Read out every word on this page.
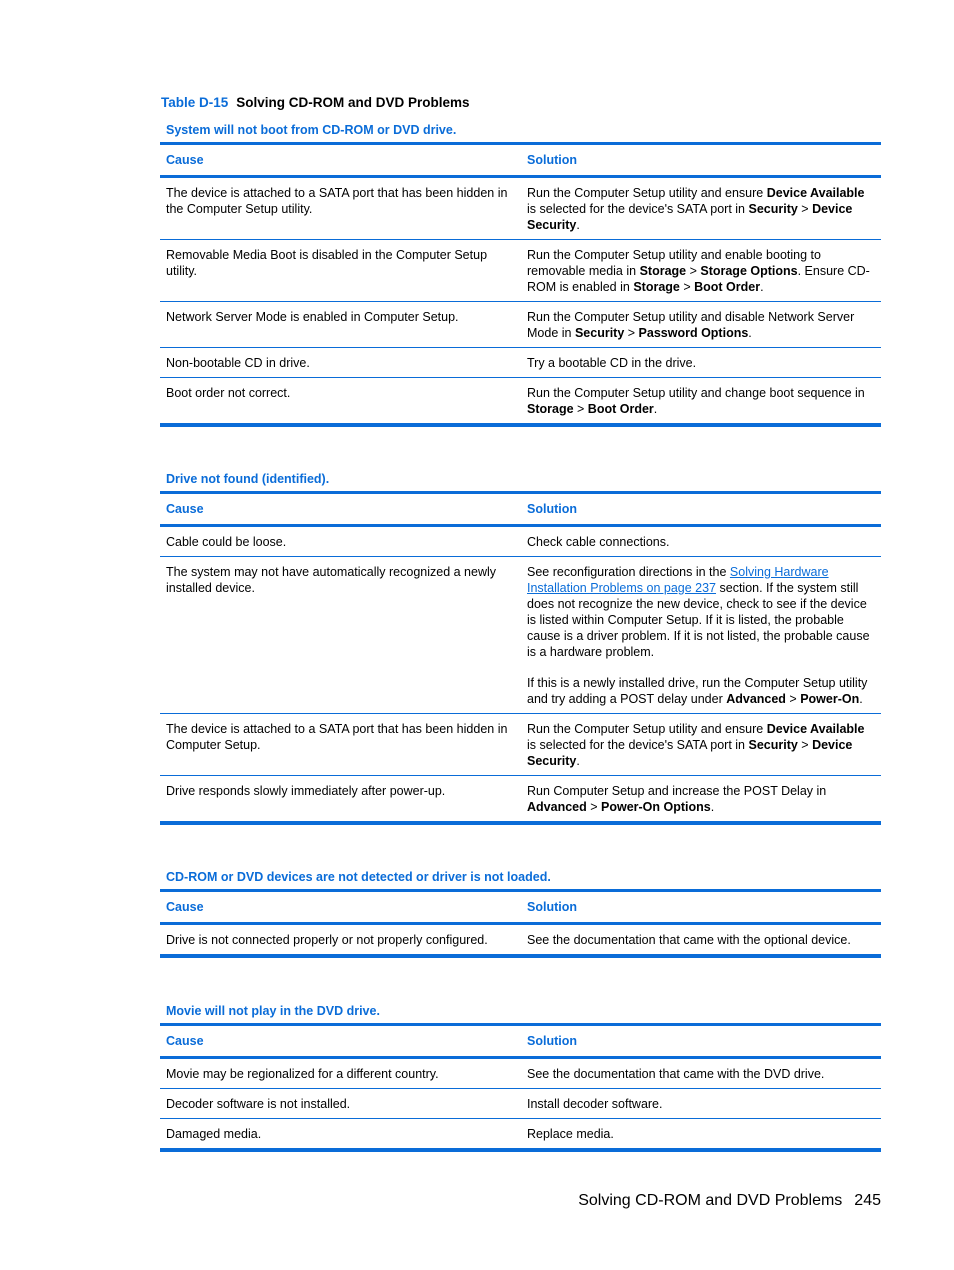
Table D-15 Solving CD-ROM and DVD Problems
System will not boot from CD-ROM or DVD drive.
Cause	Solution
The device is attached to a SATA port that has been hidden in the Computer Setup utility.	Run the Computer Setup utility and ensure Device Available is selected for the device's SATA port in Security > Device Security.
Removable Media Boot is disabled in the Computer Setup utility.	Run the Computer Setup utility and enable booting to removable media in Storage > Storage Options. Ensure CD-ROM is enabled in Storage > Boot Order.
Network Server Mode is enabled in Computer Setup.	Run the Computer Setup utility and disable Network Server Mode in Security > Password Options.
Non-bootable CD in drive.	Try a bootable CD in the drive.
Boot order not correct.	Run the Computer Setup utility and change boot sequence in Storage > Boot Order.
Drive not found (identified).
Cause	Solution
Cable could be loose.	Check cable connections.
The system may not have automatically recognized a newly installed device.	See reconfiguration directions in the Solving Hardware Installation Problems on page 237 section. If the system still does not recognize the new device, check to see if the device is listed within Computer Setup. If it is listed, the probable cause is a driver problem. If it is not listed, the probable cause is a hardware problem.
If this is a newly installed drive, run the Computer Setup utility and try adding a POST delay under Advanced > Power-On.

The device is attached to a SATA port that has been hidden in Computer Setup.	Run the Computer Setup utility and ensure Device Available is selected for the device's SATA port in Security > Device Security.
Drive responds slowly immediately after power-up.	Run Computer Setup and increase the POST Delay in Advanced > Power-On Options.
CD-ROM or DVD devices are not detected or driver is not loaded.
Cause	Solution
Drive is not connected properly or not properly configured.	See the documentation that came with the optional device.
Movie will not play in the DVD drive.
Cause	Solution
Movie may be regionalized for a different country.	See the documentation that came with the DVD drive.
Decoder software is not installed.	Install decoder software.
Damaged media.	Replace media.
Solving CD-ROM and DVD Problems 245
